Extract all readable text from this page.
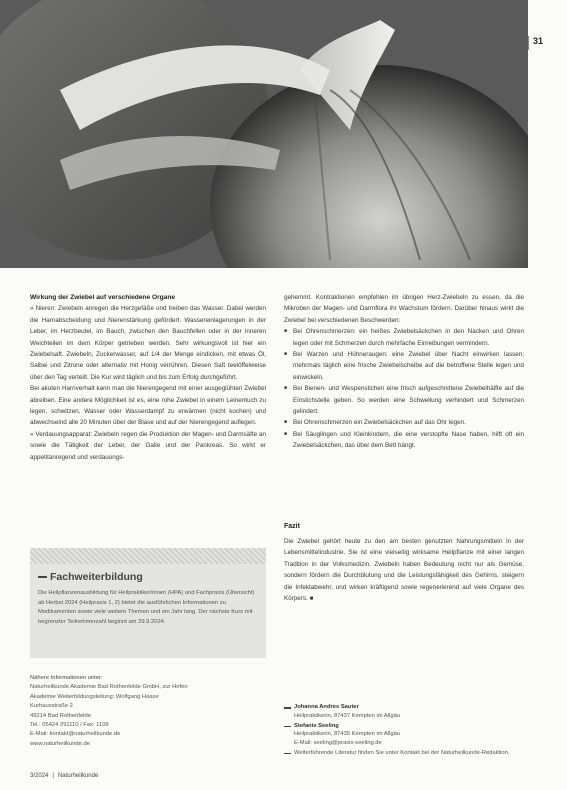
31

Wirkung der Zwiebel auf verschiedene Organe

» Nieren: Zwiebeln anregen die Herzgefäße und treiben das Wasser. Dabei werden die Harnabscheidung und Nierenstärkung gefördert. Wassereinlagerungen in der Leber, im Herzbeutel, im Bauch, zwischen den Bauchfellen oder in der inneren Weichteilen im dem Körper getrieben werden. Sehr wirkungsvoll ist hier ein Zwiebelsaft. Zwiebeln, Zuckerwasser, auf 1/4 der Menge eindicken, mit etwas Öl, Salbei und Zitrone oder alternativ mit Honig verrühren. Diesen Saft teelöffelweise über den Tag verteilt. Die Kur wird täglich und bis zum Erfolg durchgeführt.

Bei akuten Harnverhalt kann man die Nierengegend mit einer ausgeglühten Zwiebel abreiben. Eine andere Möglichkeit ist es, eine rohe Zwiebel in einem Leinentuch zu legen, schwitzen, Wasser oder Wasserdampf zu erwärmen (nicht kochen) und abwechselnd alle 20 Minuten über der Blase und auf der Nierengegend auflegen.

» Verdauungsapparat: Zwiebeln regen die Produktion der Magen- und Darmsäfte an sowie die Tätigkeit der Leber, der Galle und der Pankreas. So wirkt er appetitanregend und verdauungs-

gehemmt. Kontraktionen empfehlen im übrigen Herz-Zwiebeln zu essen, da die Mikroben der Magen- und Darmflora ihr Wachstum fördern. Darüber hinaus wirkt die Zwiebel bei verschiedenen Beschwerden:

■ Bei Ohrenschmerzen: ein heißes Zwiebelsäckchen in den Nacken und Ohren legen oder mit Schmerzen durch mehrfache Einreibungen vermindern.
■ Bei Warzen und Hühneraugen: eine Zwiebel über Nacht einwirken lassen; mehrmals täglich eine frische Zwiebelscheibe auf die betroffene Stelle legen und einwickeln.
■ Bei Bienen- und Wespenstichen eine frisch aufgeschnittene Zwiebelhälfte auf die Einstichstelle geben. So werden eine Schwellung verhindert und Schmerzen gelindert.
■ Bei Ohrenschmerzen ein Zwiebelsäckchen auf das Ohr legen.
■ Bei Säuglingen und Kleinkindern, die eine verstopfte Nase haben, hilft oft ein Zwiebelsäckchen, das über dem Bett hängt.
Fazit

Die Zwiebel gehört heute zu den am besten genutzten Nahrungsmitteln in der Lebensmittelindustrie. Sie ist eine vielseitig wirksame Heilpflanze mit einer langen Tradition in der Volksmedizin. Zwiebeln haben Bedeutung nicht nur als Gemüse, sondern fördern die Durchblutung und die Leistungsfähigkeit des Gehirns, steigern die Infektabwehr, und wirken kräftigend sowie regenerierend auf viele Organe des Körpers. ■

Fachweiterbildung
Die Heilpflanzenausbildung für Heilpraktiker/innen (HPA) und Fachpraxis (Übersicht) ab Herbst 2024 (Heilpraxis 1, 2) bietet die ausführlichen Informationen zu Medikamenten sowie viele weitere Themen und ein Jahr lang. Der nächste Kurs mit begrenzter Teilnehmerzahl beginnt am 29.9.2024.
Nähere Informationen unter:
Naturheilkunde Akademie Bad Rothenfelde GmbH, zur Hofen
Akademie Weiterbildungsleitung: Wolfgang Haase
Kurhausstraße 2
49214 Bad Rothenfelde
Tel.: 05424 291110 / Fax: 1109
E-Mail: kontakt@naturheilkunde.de
www.naturheilkunde.de
Johanna Andres Sauter
Heilpraktikerin, 87437 Kempten im Allgäu
Stefanie Seeling
Heilpraktikerin, 87435 Kempten im Allgäu
E-Mail: seeling@praxis-seeling.de
Weiterführende Literatur finden Sie unter Kontakt bei der Naturheilkunde-Redaktion.
3/2024 | Naturheilkunde
